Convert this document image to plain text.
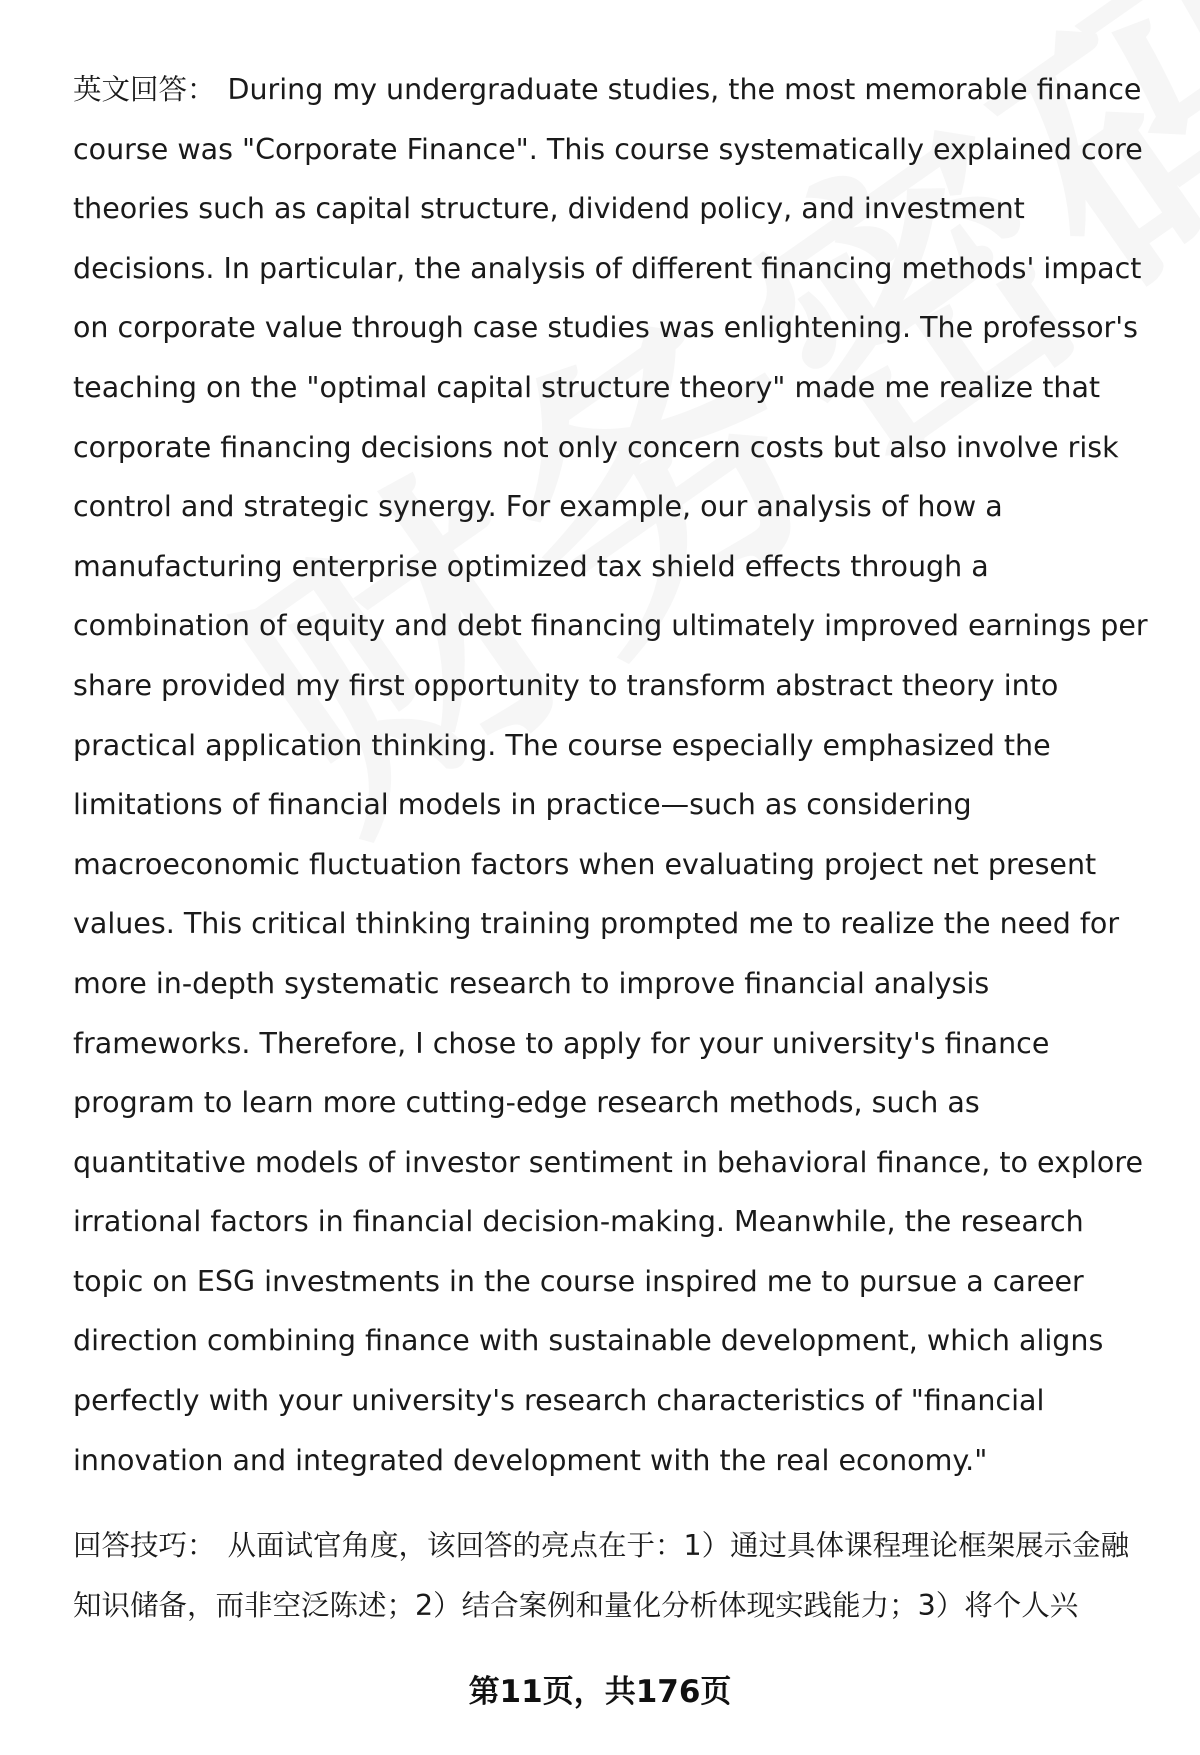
英文回答： During my undergraduate studies, the most memorable finance course was "Corporate Finance". This course systematically explained core theories such as capital structure, dividend policy, and investment decisions. In particular, the analysis of different financing methods' impact on corporate value through case studies was enlightening. The professor's teaching on the "optimal capital structure theory" made me realize that corporate financing decisions not only concern costs but also involve risk control and strategic synergy. For example, our analysis of how a manufacturing enterprise optimized tax shield effects through a combination of equity and debt financing ultimately improved earnings per share provided my first opportunity to transform abstract theory into practical application thinking. The course especially emphasized the limitations of financial models in practice—such as considering macroeconomic fluctuation factors when evaluating project net present values. This critical thinking training prompted me to realize the need for more in-depth systematic research to improve financial analysis frameworks. Therefore, I chose to apply for your university's finance program to learn more cutting-edge research methods, such as quantitative models of investor sentiment in behavioral finance, to explore irrational factors in financial decision-making. Meanwhile, the research topic on ESG investments in the course inspired me to pursue a career direction combining finance with sustainable development, which aligns perfectly with your university's research characteristics of "financial innovation and integrated development with the real economy."

回答技巧： 从面试官角度，该回答的亮点在于：1）通过具体课程理论框架展示金融知识储备，而非空泛陈述；2）结合案例和量化分析体现实践能力；3）将个人兴

第11页，共176页
